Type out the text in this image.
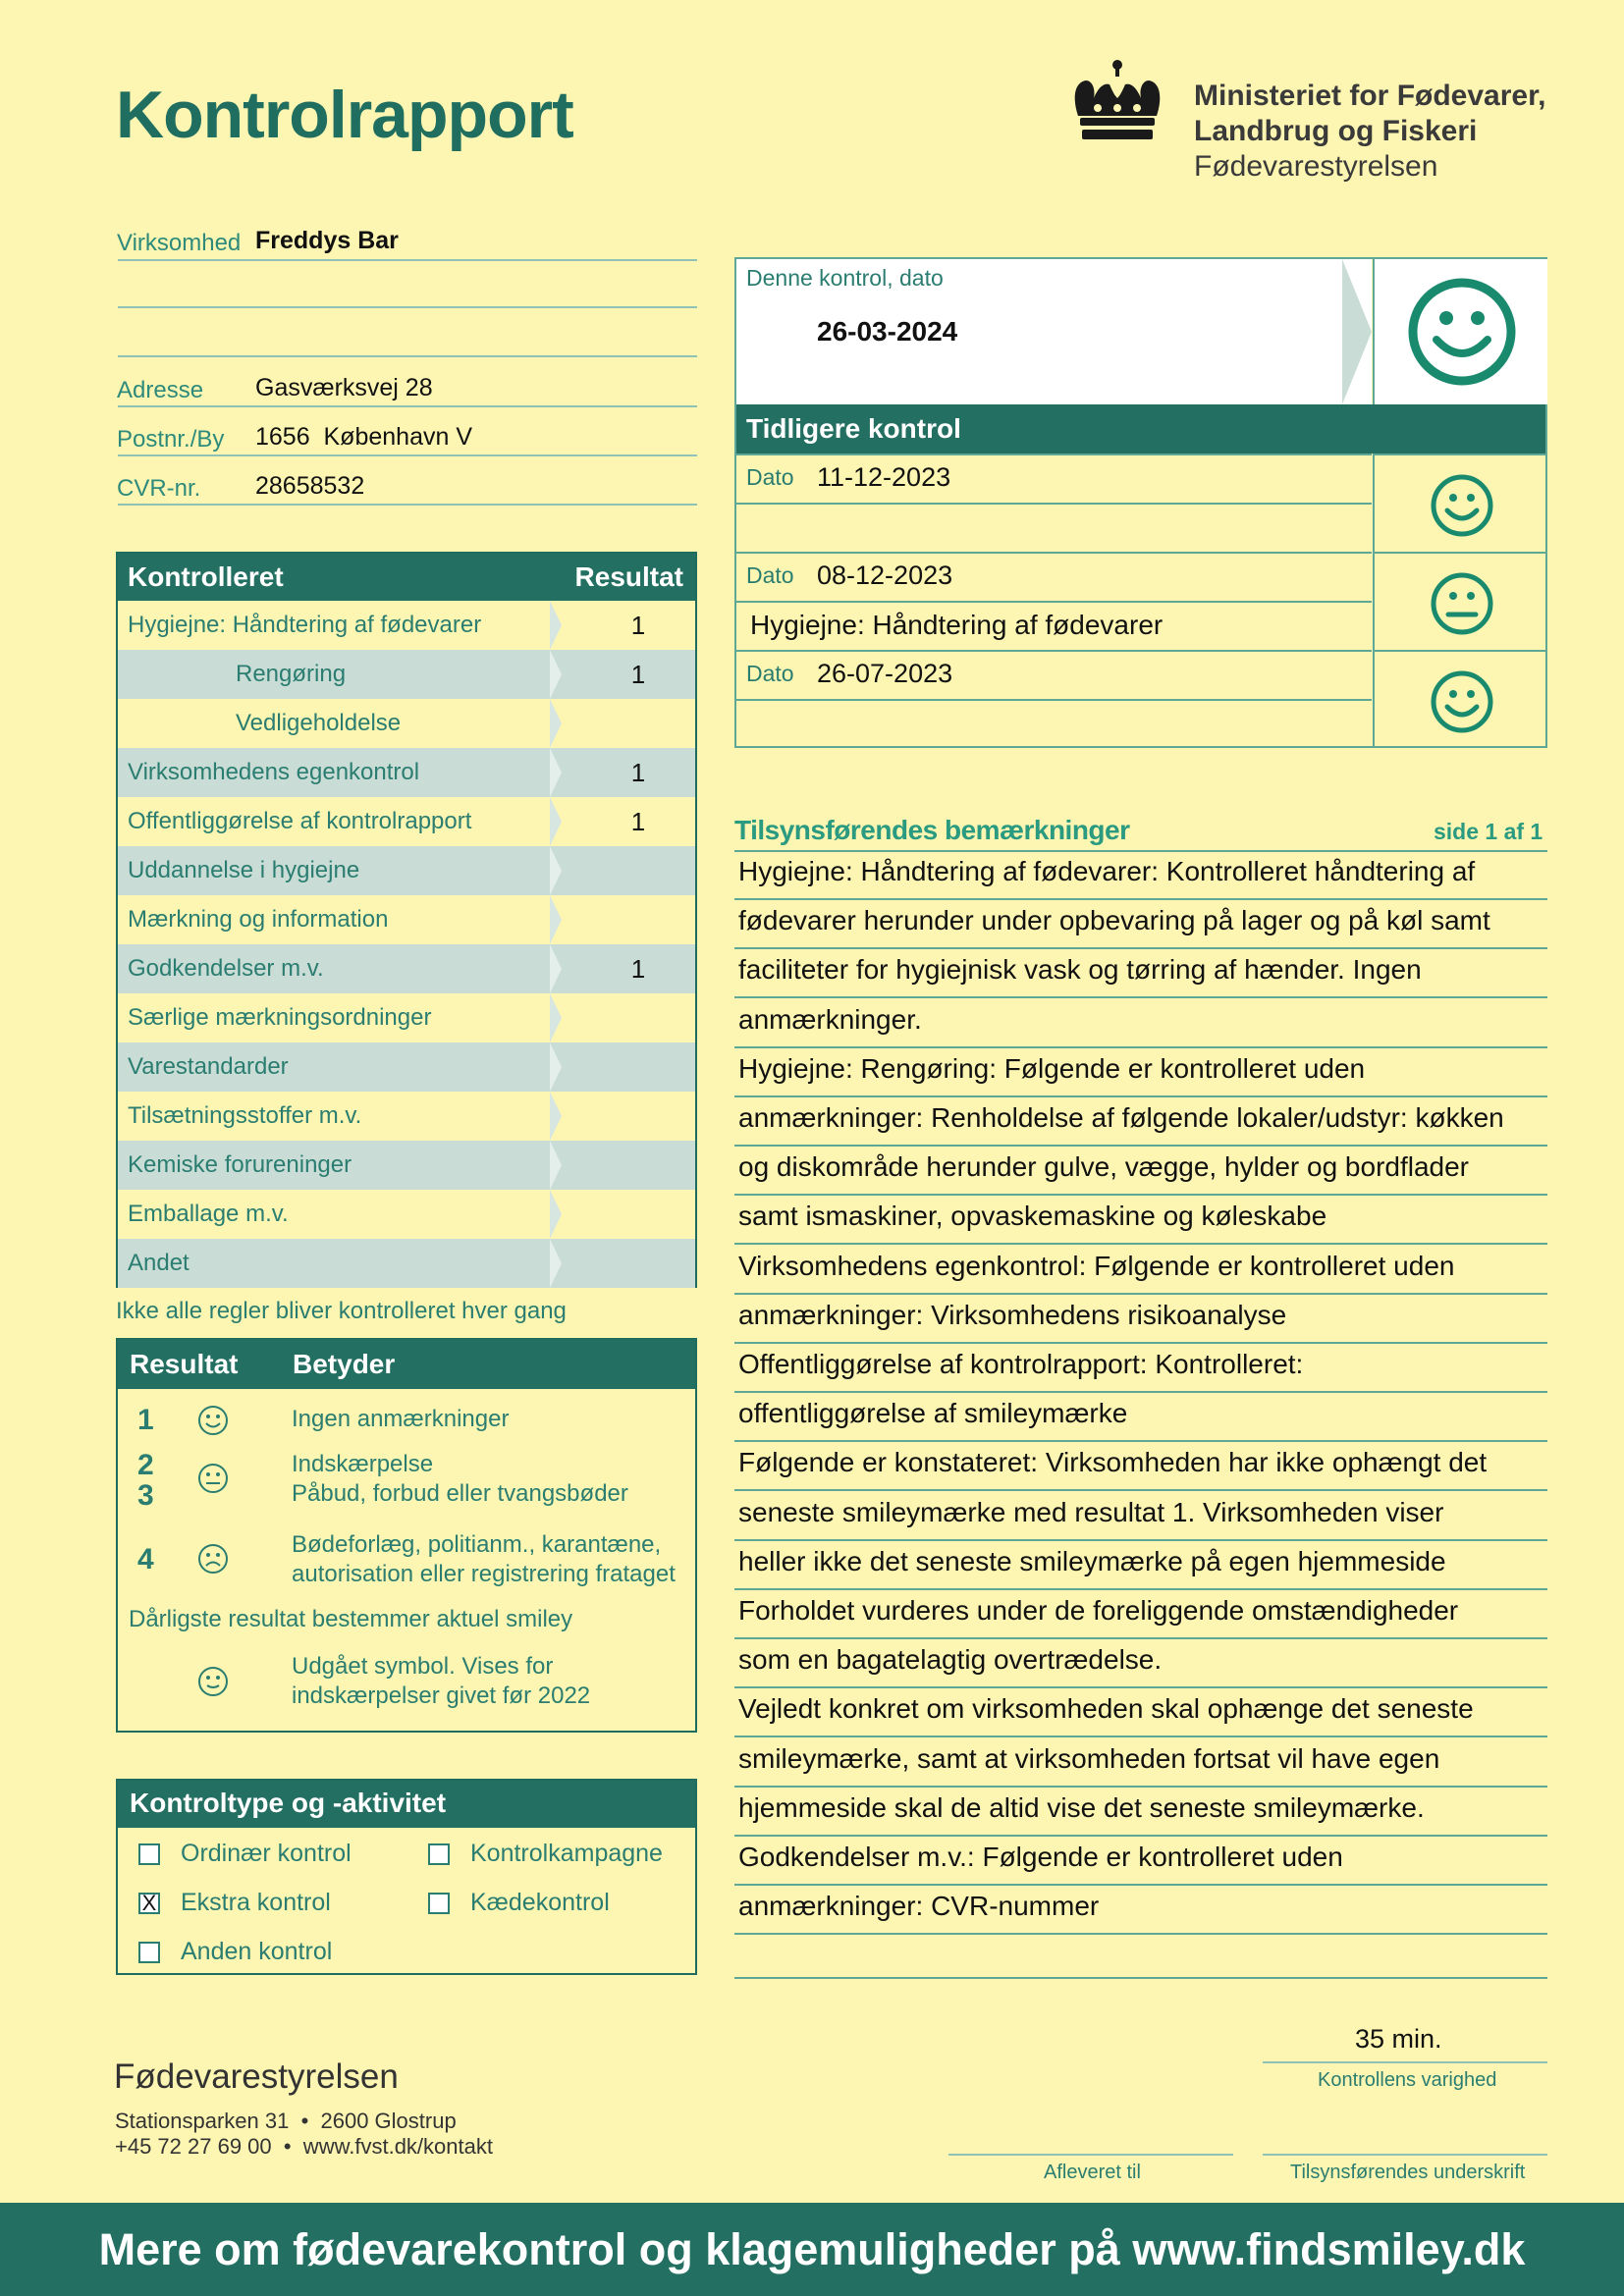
Kontrolrapport	Ministeriet for Fødevarer,
Landbrug og Fiskeri
Fødevarestyrelsen
Virksomhed Freddys Bar
Adresse Gasværksvej 28
Postnr./By 1656  København V
CVR-nr. 28658532
Kontrolleret	Resultat
Hygiejne: Håndtering af fødevarer	1
Rengøring	1
Vedligeholdelse
Virksomhedens egenkontrol	1
Offentliggørelse af kontrolrapport	1
Uddannelse i hygiejne
Mærkning og information
Godkendelser m.v.	1
Særlige mærkningsordninger
Varestandarder
Tilsætningsstoffer m.v.
Kemiske forureninger
Emballage m.v.
Andet
Ikke alle regler bliver kontrolleret hver gang
Resultat Betyder
1	Ingen anmærkninger
2
3
Indskærpelse
Påbud, forbud eller tvangsbøder
4	Bødeforlæg, politianm., karantæne,
autorisation eller registrering frataget
Dårligste resultat bestemmer aktuel smiley
Udgået symbol. Vises for
indskærpelser givet før 2022
Kontroltype og -aktivitet
Ordinær kontrol	Kontrolkampagne
X Ekstra kontrol	Kædekontrol
Anden kontrol
Denne kontrol, dato
26-03-2024
Tidligere kontrol
Dato 11-12-2023
Dato 08-12-2023
Hygiejne: Håndtering af fødevarer
Dato 26-07-2023
Tilsynsførendes bemærkninger	side 1 af 1
Hygiejne: Håndtering af fødevarer: Kontrolleret håndtering af
fødevarer herunder under opbevaring på lager og på køl samt
faciliteter for hygiejnisk vask og tørring af hænder. Ingen
anmærkninger.
Hygiejne: Rengøring: Følgende er kontrolleret uden
anmærkninger: Renholdelse af følgende lokaler/udstyr: køkken
og diskområde herunder gulve, vægge, hylder og bordflader
samt ismaskiner, opvaskemaskine og køleskabe
Virksomhedens egenkontrol: Følgende er kontrolleret uden
anmærkninger: Virksomhedens risikoanalyse
Offentliggørelse af kontrolrapport: Kontrolleret:
offentliggørelse af smileymærke
Følgende er konstateret: Virksomheden har ikke ophængt det
seneste smileymærke med resultat 1. Virksomheden viser
heller ikke det seneste smileymærke på egen hjemmeside
Forholdet vurderes under de foreliggende omstændigheder
som en bagatelagtig overtrædelse.
Vejledt konkret om virksomheden skal ophænge det seneste
smileymærke, samt at virksomheden fortsat vil have egen
hjemmeside skal de altid vise det seneste smileymærke.
Godkendelser m.v.: Følgende er kontrolleret uden
anmærkninger: CVR-nummer
35 min.
Kontrollens varighed
Afleveret til	Tilsynsførendes underskrift
Fødevarestyrelsen
Stationsparken 31  •  2600 Glostrup
+45 72 27 69 00  •  www.fvst.dk/kontakt
Mere om fødevarekontrol og klagemuligheder på www.findsmiley.dk
